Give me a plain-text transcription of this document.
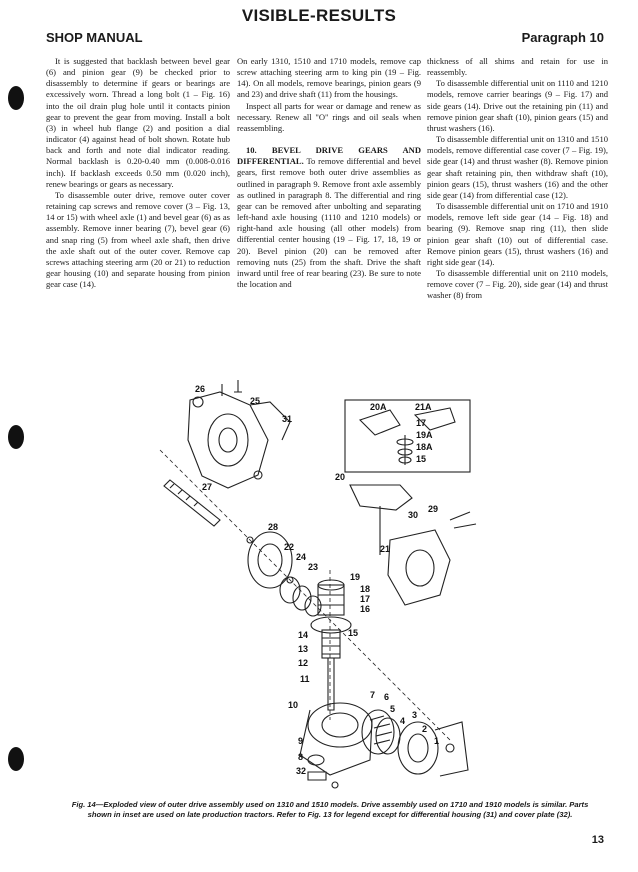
VISIBLE-RESULTS
SHOP MANUAL	Paragraph 10

It is suggested that backlash between bevel gear (6) and pinion gear (9) be checked prior to disassembly to determine if gears or bearings are excessively worn. Thread a long bolt (1 – Fig. 16) into the oil drain plug hole until it contacts pinion gear to prevent the gear from moving. Install a bolt (3) in wheel hub flange (2) and position a dial indicator (4) against head of bolt shown. Rotate hub back and forth and note dial indicator reading. Normal backlash is 0.20-0.40 mm (0.008-0.016 inch). If backlash exceeds 0.50 mm (0.020 inch), renew bearings or gears as necessary.

To disassemble outer drive, remove outer cover retaining cap screws and remove cover (3 – Fig. 13, 14 or 15) with wheel axle (1) and bevel gear (6) as as assembly. Remove inner bearing (7), bevel gear (6) and snap ring (5) from wheel axle shaft, then drive the axle shaft out of the outer cover. Remove cap screws attaching steering arm (20 or 21) to reduction gear housing (10) and separate housing from pinion gear case (14).

On early 1310, 1510 and 1710 models, remove cap screw attaching steering arm to king pin (19 – Fig. 14). On all models, remove bearings, pinion gears (9 and 23) and drive shaft (11) from the housings.

Inspect all parts for wear or damage and renew as necessary. Renew all "O" rings and oil seals when reassembling.

10. BEVEL DRIVE GEARS AND DIFFERENTIAL. To remove differential and bevel gears, first remove both outer drive assemblies as outlined in paragraph 9. Remove front axle assembly as outlined in paragraph 8. The differential and ring gear can be removed after unbolting and separating left-hand axle housing (1110 and 1210 models) or right-hand axle housing (all other models) from differential center housing (19 – Fig. 17, 18, 19 or 20). Bevel pinion (20) can be removed after removing nuts (25) from the shaft. Drive the shaft inward until free of rear bearing (23). Be sure to note the location and

thickness of all shims and retain for use in reassembly.

To disassemble differential unit on 1110 and 1210 models, remove carrier bearings (9 – Fig. 17) and side gears (14). Drive out the retaining pin (11) and remove pinion gear shaft (10), pinion gears (15) and thrust washers (16).

To disassemble differential unit on 1310 and 1510 models, remove differential case cover (7 – Fig. 19), side gear (14) and thrust washer (8). Remove pinion gear shaft retaining pin, then withdraw shaft (10), pinion gears (15), thrust washers (16) and the other side gear (14) from differential case (12).

To disassemble differential unit on 1710 and 1910 models, remove left side gear (14 – Fig. 18) and bearing (9). Remove snap ring (11), then slide pinion gear shaft (10) out of differential case. Remove pinion gears (15), thrust washers (16) and right side gear (14).

To disassemble differential unit on 2110 models, remove cover (7 – Fig. 20), side gear (14) and thrust washer (8) from

26
25
31
27
28
20
20A	21A
17
19A
18A
15
30
29
22
24
23
21
19
18
17
16
15
14
13
12
11
10
7 6
5
4
3
2
1
9
8
32
Fig. 14—Exploded view of outer drive assembly used on 1310 and 1510 models. Drive assembly used on 1710 and 1910 models is similar. Parts shown in inset are used on late production tractors. Refer to Fig. 13 for legend except for differential housing (31) and cover plate (32).
13
